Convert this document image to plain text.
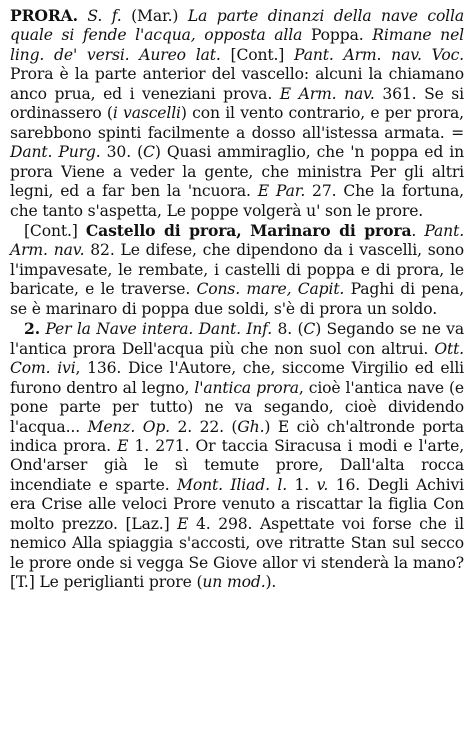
PRORA. S. f. (Mar.) La parte dinanzi della nave colla quale si fende l'acqua, opposta alla Poppa. Rimane nel ling. de' versi. Aureo lat. [Cont.] Pant. Arm. nav. Voc. Prora è la parte anterior del vascello: alcuni la chiamano anco prua, ed i veneziani prova. E Arm. nav. 361. Se si ordinassero (i vascelli) con il vento contrario, e per prora, sarebbono spinti facilmente a dosso all'istessa armata. = Dant. Purg. 30. (C) Quasi ammiraglio, che 'n poppa ed in prora Viene a veder la gente, che ministra Per gli altri legni, ed a far ben la 'ncuora. E Par. 27. Che la fortuna, che tanto s'aspetta, Le poppe volgerà u' son le prore.

[Cont.] Castello di prora, Marinaro di prora. Pant. Arm. nav. 82. Le difese, che dipendono da i vascelli, sono l'impavesate, le rembate, i castelli di poppa e di prora, le baricate, e le traverse. Cons. mare, Capit. Paghi di pena, se è marinaro di poppa due soldi, s'è di prora un soldo.

2. Per la Nave intera. Dant. Inf. 8. (C) Segando se ne va l'antica prora Dell'acqua più che non suol con altrui. Ott. Com. ivi, 136. Dice l'Autore, che, siccome Virgilio ed elli furono dentro al legno, l'antica prora, cioè l'antica nave (e pone parte per tutto) ne va segando, cioè dividendo l'acqua... Menz. Op. 2. 22. (Gh.) E ciò ch'altronde porta indica prora. E 1. 271. Or taccia Siracusa i modi e l'arte, Ond'arser già le sì temute prore, Dall'alta rocca incendiate e sparte. Mont. Iliad. l. 1. v. 16. Degli Achivi era Crise alle veloci Prore venuto a riscattar la figlia Con molto prezzo. [Laz.] E 4. 298. Aspettate voi forse che il nemico Alla spiaggia s'accosti, ove ritratte Stan sul secco le prore onde si vegga Se Giove allor vi stenderà la mano? [T.] Le periglianti prore (un mod.).
